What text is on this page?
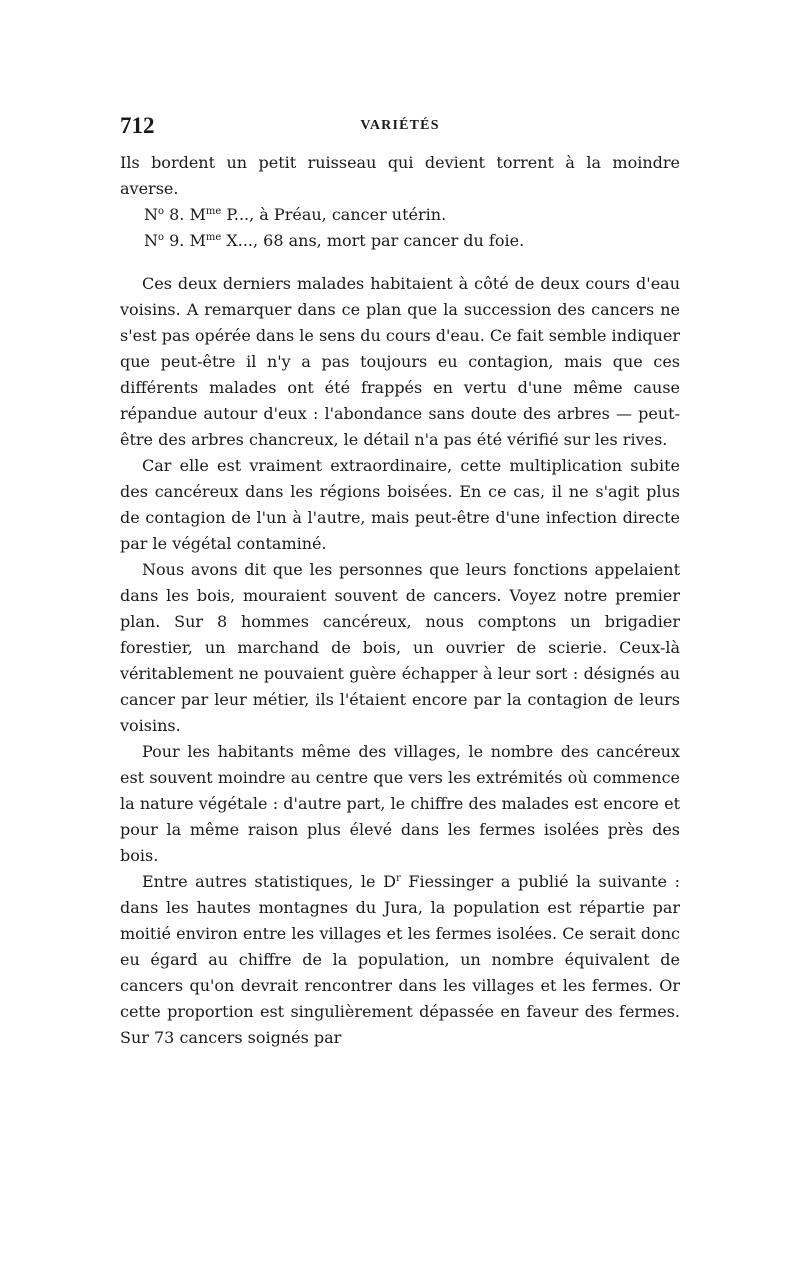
712	VARIÉTÉS

Ils bordent un petit ruisseau qui devient torrent à la moindre averse.

$N^o$ 8. $M^{me}$ P..., à Préau, cancer utérin.

$N^o$ 9. $M^{me}$ X..., 68 ans, mort par cancer du foie.

Ces deux derniers malades habitaient à côté de deux cours d'eau voisins. A remarquer dans ce plan que la succession des cancers ne s'est pas opérée dans le sens du cours d'eau. Ce fait semble indiquer que peut-être il n'y a pas toujours eu contagion, mais que ces différents malades ont été frappés en vertu d'une même cause répandue autour d'eux : l'abondance sans doute des arbres — peut-être des arbres chancreux, le détail n'a pas été vérifié sur les rives.

Car elle est vraiment extraordinaire, cette multiplication subite des cancéreux dans les régions boisées. En ce cas, il ne s'agit plus de contagion de l'un à l'autre, mais peut-être d'une infection directe par le végétal contaminé.

Nous avons dit que les personnes que leurs fonctions appelaient dans les bois, mouraient souvent de cancers. Voyez notre premier plan. Sur 8 hommes cancéreux, nous comptons un brigadier forestier, un marchand de bois, un ouvrier de scierie. Ceux-là véritablement ne pouvaient guère échapper à leur sort : désignés au cancer par leur métier, ils l'étaient encore par la contagion de leurs voisins.

Pour les habitants même des villages, le nombre des cancéreux est souvent moindre au centre que vers les extrémités où commence la nature végétale : d'autre part, le chiffre des malades est encore et pour la même raison plus élevé dans les fermes isolées près des bois.

Entre autres statistiques, le $D^r$ Fiessinger a publié la suivante : dans les hautes montagnes du Jura, la population est répartie par moitié environ entre les villages et les fermes isolées. Ce serait donc eu égard au chiffre de la population, un nombre équivalent de cancers qu'on devrait rencontrer dans les villages et les fermes. Or cette proportion est singulièrement dépassée en faveur des fermes. Sur 73 cancers soignés par
